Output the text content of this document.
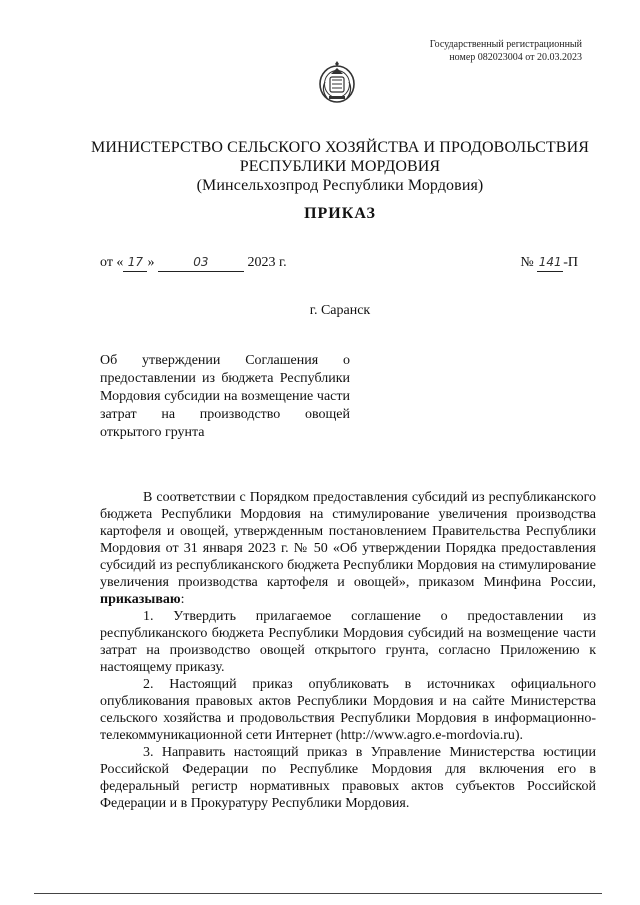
Государственный регистрационный
номер 082023004 от 20.03.2023
МИНИСТЕРСТВО СЕЛЬСКОГО ХОЗЯЙСТВА И ПРОДОВОЛЬСТВИЯ
РЕСПУБЛИКИ МОРДОВИЯ
(Минсельхозпрод Республики Мордовия)
ПРИКАЗ
от « 17 »	03	2023 г.	№ 141 -П
г. Саранск
Об утверждении Соглашения о предоставлении из бюджета Республики Мордовия субсидии на возмещение части затрат на производство овощей открытого грунта

В соответствии с Порядком предоставления субсидий из республиканского бюджета Республики Мордовия на стимулирование увеличения производства картофеля и овощей, утвержденным постановлением Правительства Республики Мордовия от 31 января 2023 г. № 50 «Об утверждении Порядка предоставления субсидий из республиканского бюджета Республики Мордовия на стимулирование увеличения производства картофеля и овощей», приказом Минфина России, приказываю:

1. Утвердить прилагаемое соглашение о предоставлении из республиканского бюджета Республики Мордовия субсидий на возмещение части затрат на производство овощей открытого грунта, согласно Приложению к настоящему приказу.

2. Настоящий приказ опубликовать в источниках официального опубликования правовых актов Республики Мордовия и на сайте Министерства сельского хозяйства и продовольствия Республики Мордовия в информационно-телекоммуникационной сети Интернет (http://www.agro.e-mordovia.ru).

3. Направить настоящий приказ в Управление Министерства юстиции Российской Федерации по Республике Мордовия для включения его в федеральный регистр нормативных правовых актов субъектов Российской Федерации и в Прокуратуру Республики Мордовия.
